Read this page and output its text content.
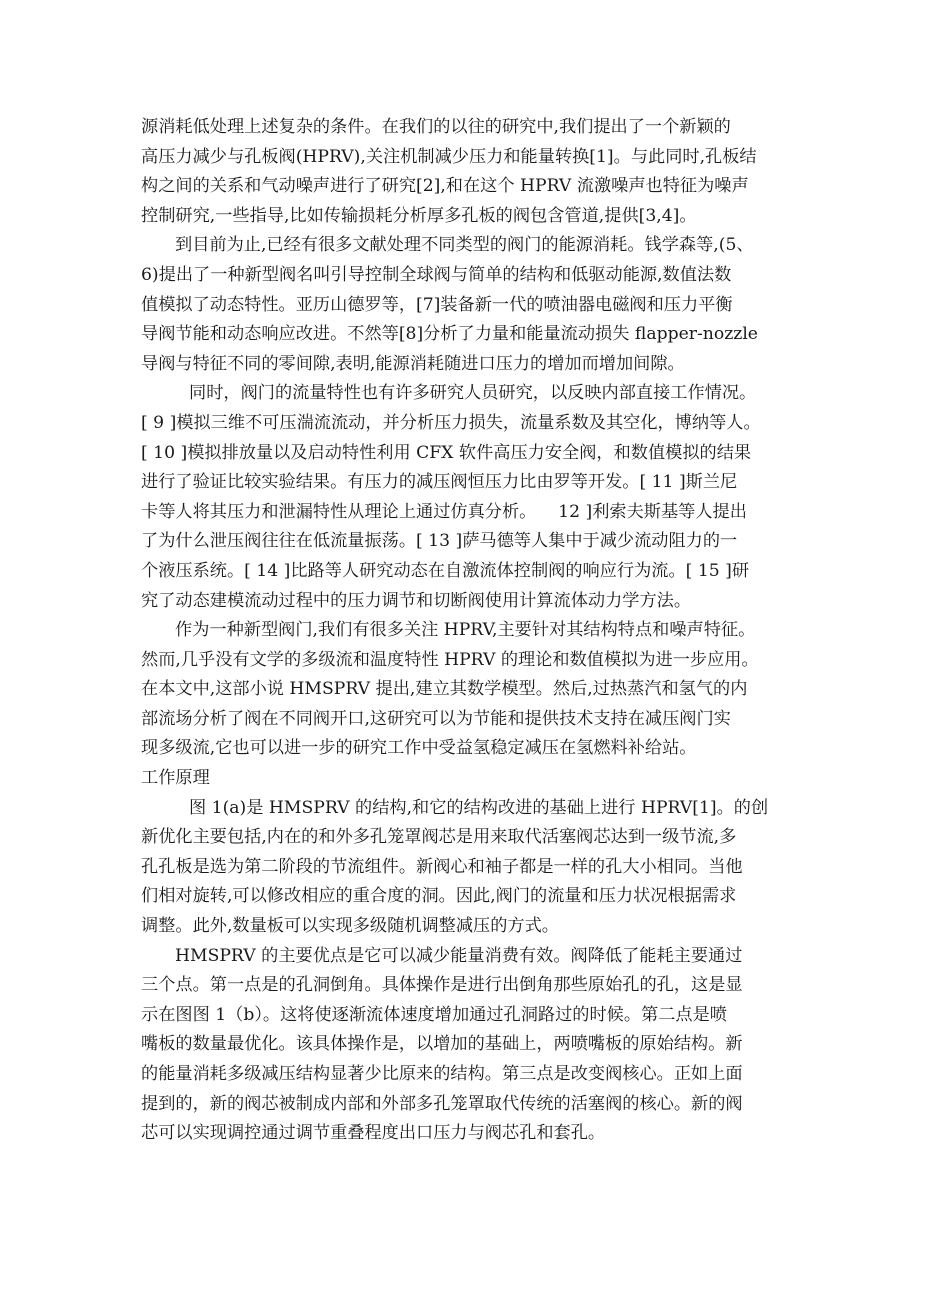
源消耗低处理上述复杂的条件。在我们的以往的研究中,我们提出了一个新颖的
高压力减少与孔板阀(HPRV),关注机制减少压力和能量转换[1]。与此同时,孔板结
构之间的关系和气动噪声进行了研究[2],和在这个 HPRV 流激噪声也特征为噪声
控制研究,一些指导,比如传输损耗分析厚多孔板的阀包含管道,提供[3,4]。
到目前为止,已经有很多文献处理不同类型的阀门的能源消耗。钱学森等,(5、
6)提出了一种新型阀名叫引导控制全球阀与简单的结构和低驱动能源,数值法数
值模拟了动态特性。亚历山德罗等，[7]装备新一代的喷油器电磁阀和压力平衡
导阀节能和动态响应改进。不然等[8]分析了力量和能量流动损失 flapper-nozzle
导阀与特征不同的零间隙,表明,能源消耗随进口压力的增加而增加间隙。
同时，阀门的流量特性也有许多研究人员研究，以反映内部直接工作情况。
[ 9 ]模拟三维不可压湍流流动，并分析压力损失，流量系数及其空化，博纳等人。
[ 10 ]模拟排放量以及启动特性利用 CFX 软件高压力安全阀，和数值模拟的结果
进行了验证比较实验结果。有压力的减压阀恒压力比由罗等开发。[ 11 ]斯兰尼
卡等人将其压力和泄漏特性从理论上通过仿真分析。    12 ]利索夫斯基等人提出
了为什么泄压阀往往在低流量振荡。[ 13 ]萨马德等人集中于减少流动阻力的一
个液压系统。[ 14 ]比路等人研究动态在自激流体控制阀的响应行为流。[ 15 ]研
究了动态建模流动过程中的压力调节和切断阀使用计算流体动力学方法。
作为一种新型阀门,我们有很多关注 HPRV,主要针对其结构特点和噪声特征。
然而,几乎没有文学的多级流和温度特性 HPRV 的理论和数值模拟为进一步应用。
在本文中,这部小说 HMSPRV 提出,建立其数学模型。然后,过热蒸汽和氢气的内
部流场分析了阀在不同阀开口,这研究可以为节能和提供技术支持在减压阀门实
现多级流,它也可以进一步的研究工作中受益氢稳定减压在氢燃料补给站。
工作原理
图 1(a)是 HMSPRV 的结构,和它的结构改进的基础上进行 HPRV[1]。的创
新优化主要包括,内在的和外多孔笼罩阀芯是用来取代活塞阀芯达到一级节流,多
孔孔板是选为第二阶段的节流组件。新阀心和袖子都是一样的孔大小相同。当他
们相对旋转,可以修改相应的重合度的洞。因此,阀门的流量和压力状况根据需求
调整。此外,数量板可以实现多级随机调整减压的方式。
HMSPRV 的主要优点是它可以减少能量消费有效。阀降低了能耗主要通过
三个点。第一点是的孔洞倒角。具体操作是进行出倒角那些原始孔的孔，这是显
示在图图 1（b）。这将使逐渐流体速度增加通过孔洞路过的时候。第二点是喷
嘴板的数量最优化。该具体操作是，以增加的基础上，两喷嘴板的原始结构。新
的能量消耗多级减压结构显著少比原来的结构。第三点是改变阀核心。正如上面
提到的，新的阀芯被制成内部和外部多孔笼罩取代传统的活塞阀的核心。新的阀
芯可以实现调控通过调节重叠程度出口压力与阀芯孔和套孔。
